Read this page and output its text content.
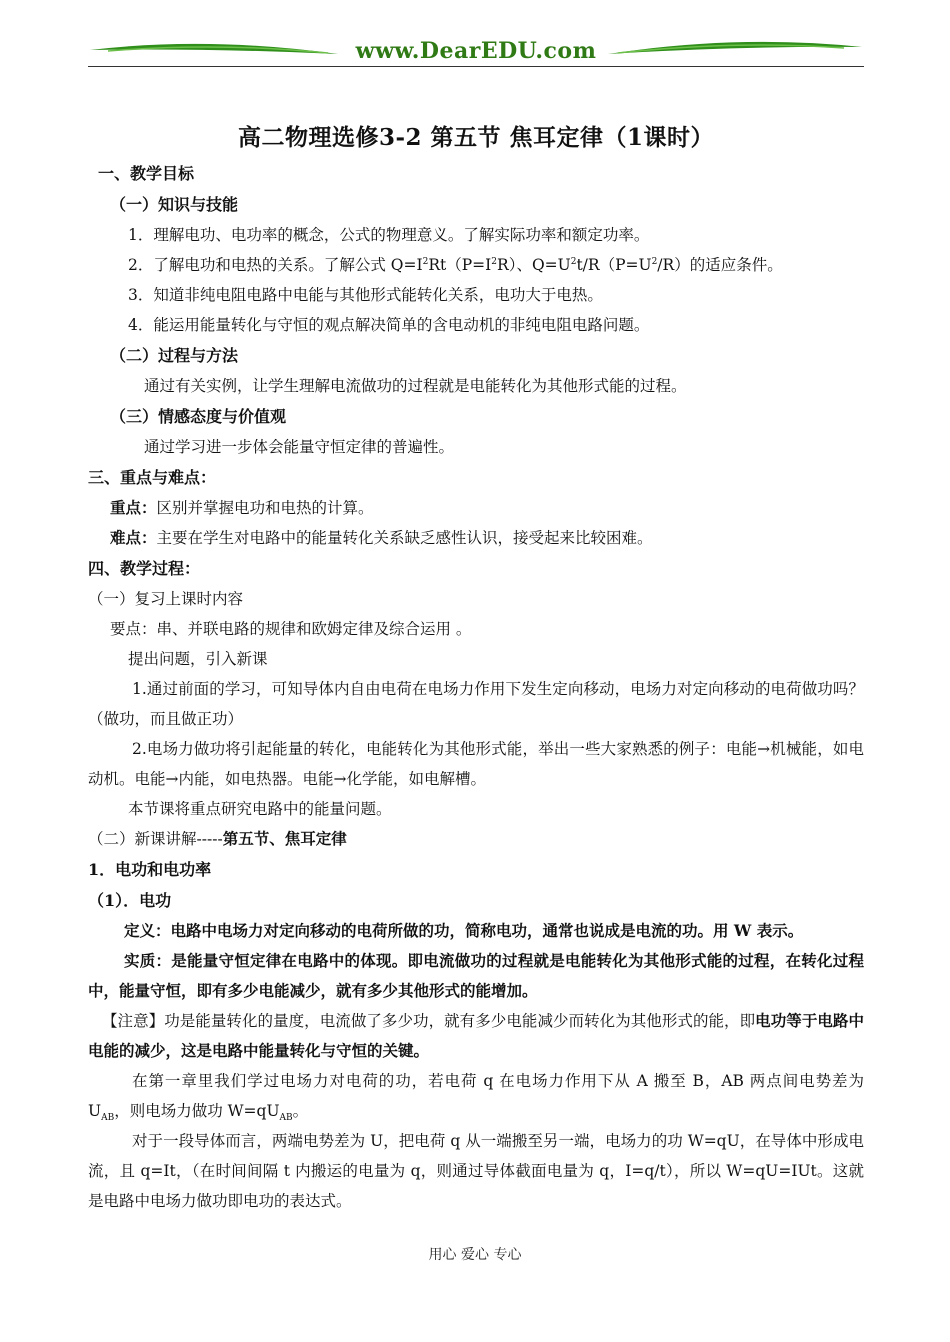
www.DearEDU.com
高二物理选修3-2 第五节 焦耳定律（1课时）
一、教学目标
（一）知识与技能
1．理解电功、电功率的概念，公式的物理意义。了解实际功率和额定功率。
2．了解电功和电热的关系。了解公式 $Q=I^2Rt(P=I^2R)$、$Q=U^2t/R(P=U^2/R)$的适应条件。
3．知道非纯电阻电路中电能与其他形式能转化关系，电功大于电热。
4．能运用能量转化与守恒的观点解决简单的含电动机的非纯电阻电路问题。
（二）过程与方法
通过有关实例，让学生理解电流做功的过程就是电能转化为其他形式能的过程。
（三）情感态度与价值观
通过学习进一步体会能量守恒定律的普遍性。
三、重点与难点：
重点：区别并掌握电功和电热的计算。
难点：主要在学生对电路中的能量转化关系缺乏感性认识，接受起来比较困难。
四、教学过程：
（一）复习上课时内容
要点：串、并联电路的规律和欧姆定律及综合运用 。
提出问题，引入新课
1.通过前面的学习，可知导体内自由电荷在电场力作用下发生定向移动，电场力对定向移动的电荷做功吗？（做功，而且做正功）
2.电场力做功将引起能量的转化，电能转化为其他形式能，举出一些大家熟悉的例子：电能→机械能，如电动机。电能→内能，如电热器。电能→化学能，如电解槽。
本节课将重点研究电路中的能量问题。
（二）新课讲解-----第五节、焦耳定律
1．电功和电功率
（1）．电功
定义：电路中电场力对定向移动的电荷所做的功，简称电功，通常也说成是电流的功。用 W 表示。
实质：是能量守恒定律在电路中的体现。即电流做功的过程就是电能转化为其他形式能的过程，在转化过程中，能量守恒，即有多少电能减少，就有多少其他形式的能增加。
【注意】功是能量转化的量度，电流做了多少功，就有多少电能减少而转化为其他形式的能，即电功等于电路中电能的减少，这是电路中能量转化与守恒的关键。
在第一章里我们学过电场力对电荷的功，若电荷 q 在电场力作用下从 A 搬至 B，AB 两点间电势差为 $U_{AB}$，则电场力做功 $W=qU_{AB}$。
对于一段导体而言，两端电势差为 U，把电荷 q 从一端搬至另一端，电场力的功 W=qU，在导体中形成电流，且 q=It，（在时间间隔 t 内搬运的电量为 q，则通过导体截面电量为 q，I=q/t），所以 W=qU=IUt。这就是电路中电场力做功即电功的表达式。
用心 爱心 专心
